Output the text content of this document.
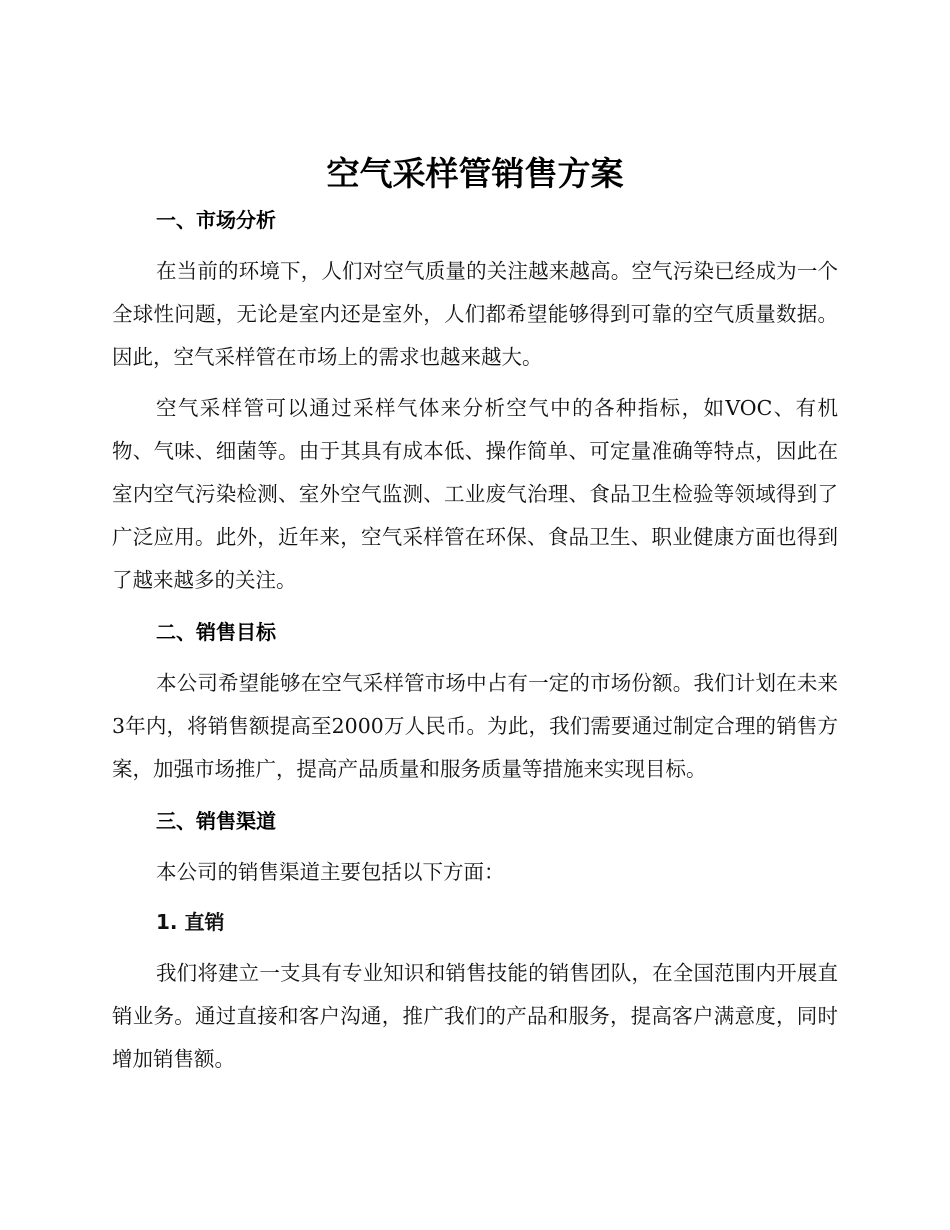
空气采样管销售方案
一、市场分析

在当前的环境下，人们对空气质量的关注越来越高。空气污染已经成为一个全球性问题，无论是室内还是室外，人们都希望能够得到可靠的空气质量数据。因此，空气采样管在市场上的需求也越来越大。

空气采样管可以通过采样气体来分析空气中的各种指标，如VOC、有机物、气味、细菌等。由于其具有成本低、操作简单、可定量准确等特点，因此在室内空气污染检测、室外空气监测、工业废气治理、食品卫生检验等领域得到了广泛应用。此外，近年来，空气采样管在环保、食品卫生、职业健康方面也得到了越来越多的关注。

二、销售目标

本公司希望能够在空气采样管市场中占有一定的市场份额。我们计划在未来3年内，将销售额提高至2000万人民币。为此，我们需要通过制定合理的销售方案，加强市场推广，提高产品质量和服务质量等措施来实现目标。

三、销售渠道

本公司的销售渠道主要包括以下方面：

1. 直销

我们将建立一支具有专业知识和销售技能的销售团队，在全国范围内开展直销业务。通过直接和客户沟通，推广我们的产品和服务，提高客户满意度，同时增加销售额。
